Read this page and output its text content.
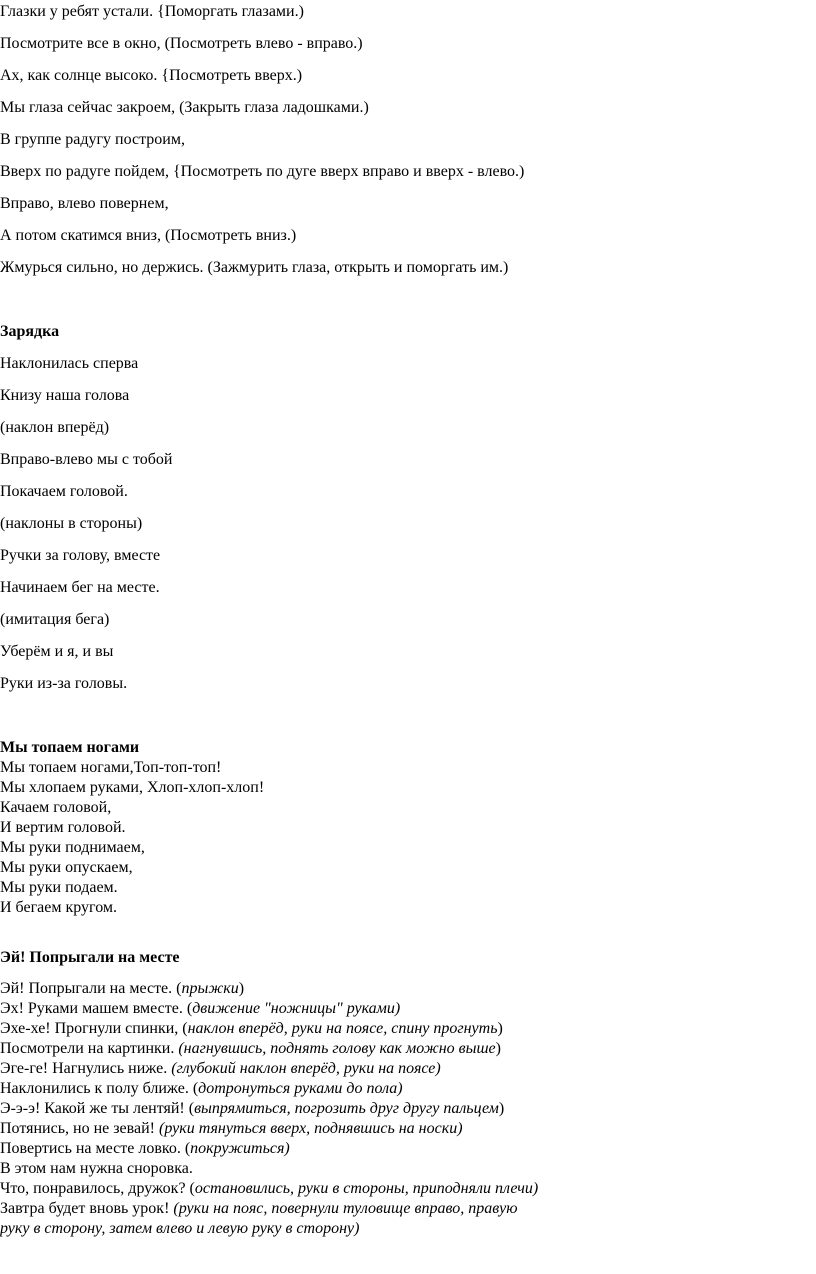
Глазки у ребят устали. {Поморгать глазами.)
Посмотрите все в окно, (Посмотреть влево - вправо.)
Ах, как солнце высоко. {Посмотреть вверх.)
Мы глаза сейчас закроем, (Закрыть глаза ладошками.)
В группе радугу построим,
Вверх по радуге пойдем, {Посмотреть по дуге вверх вправо и вверх - влево.)
Вправо, влево повернем,
А потом скатимся вниз, (Посмотреть вниз.)
Жмурься сильно, но держись. (Зажмурить глаза, открыть и поморгать им.)
Зарядка
Наклонилась сперва
Книзу наша голова
(наклон вперёд)
Вправо-влево мы с тобой
Покачаем головой.
(наклоны в стороны)
Ручки за голову, вместе
Начинаем бег на месте.
(имитация бега)
Уберём и я, и вы
Руки из-за головы.
Мы топаем ногами
Мы топаем ногами,Топ-топ-топ!
Мы хлопаем руками, Хлоп-хлоп-хлоп!
Качаем головой,
И вертим головой.
Мы руки поднимаем,
Мы руки опускаем,
Мы руки подаем.
И бегаем кругом.
Эй! Попрыгали на месте
Эй! Попрыгали на месте. (прыжки)
Эх! Руками машем вместе. (движение "ножницы" руками)
Эхе-хе! Прогнули спинки, (наклон вперёд, руки на поясе, спину прогнуть)
Посмотрели на картинки. (нагнувшись, поднять голову как можно выше)
Эге-ге! Нагнулись ниже. (глубокий наклон вперёд, руки на поясе)
Наклонились к полу ближе. (дотронуться руками до пола)
Э-э-э! Какой же ты лентяй! (выпрямиться, погрозить друг другу пальцем)
Потянись, но не зевай! (руки тянуться вверх, поднявшись на носки)
Повертись на месте ловко. (покружиться)
В этом нам нужна сноровка.
Что, понравилось, дружок? (остановились, руки в стороны, приподняли плечи)
Завтра будет вновь урок! (руки на пояс, повернули туловище вправо, правую
руку в сторону, затем влево и левую руку в сторону)
